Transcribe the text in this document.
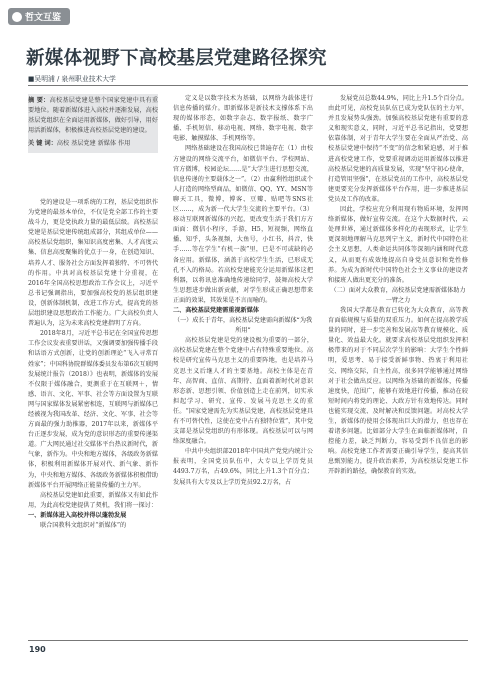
哲文互鉴
新媒体视野下高校基层党建路径探究
■吴明浦 / 泉州职业技术大学

摘 要：高校基层党建是整个国家党建中具有重要地位。随着新媒体进入高校并逐渐发展，高校基层党组织在全面运用新媒体，做好引导，用好用活新媒体，积极推进高校基层党建的建设。

关 键 词：高校 基层党建 新媒体 作用

党的建设是一项系统的工程，基层党组织作为党建的最基本单位，不仅是党全部工作的主要战斗力，更是党执政力量的最低层级。高校基层党建是基层党建传统组成部分，其组成单位——高校基层党组织，集知识高度密集、人才高度云集、信息高度聚集的优点于一身，在创造知识、培养人才、服务社会方面发挥着独特、不可替代的作用。中共对高校基层党建十分重视，在2016年全国高校思想政治工作会议上，习近平总书记强调指出，要加强高校党的基层组织建设，创新体制机制，改进工作方式，提高党的基层组织建设思想政治工作能力。广大高校负责人普遍认为，这为未来高校党建指明了方向。

2018年8月，习近平总书记在全国宣传思想工作会议发表重要讲话，又强调要加强传播手段和话语方式创新，让党的创新理论“飞入寻常百姓家”；中国科协院群媒体委员发布第6次互联网发展统计报告（2018）》也表明，新媒体的发展不仅限于媒体融合，更测重于在互联网＋，情感、语言、文化、军事、社会等方面设置为互联网与国家媒体发展紧密相连，互联网与新媒体已经被视为我国改革、经济、文化、军事、社会等方面最的强力助推器，2017年以来，新媒体平台正逐步发展，成为党的意识形态的重要传递渠道。广大网民通过社交媒体平台热议新时代，新气象，新作为。中央和地方媒体，各级政务新媒体，积极利用新媒体开展对代、新气象、新作为，中央和地方媒体、各级政务新媒体积极借助新媒体平台开展网络正能量传播的主力军。

高校基层党建如此重要，新媒体又有如此作用，为此高校党建提供了契机，我们将一探讨：

一、新媒体进入高校并得以蓬勃发展

联合国教科文组织对“新媒体”的

定义是以数字技术为基础，以网络为载体进行信息传播的媒介。即新媒体是新技术支撑体系下出现的媒体形态，如数字杂志、数字报纸、数字广播、手机短信、移动电视、网络、数字电视、数字电影、触摸媒体、手机网络等。

网络基础建设在我国高校已普遍存在（1）由校方建设的网络交流平台，如微信平台、学校网站、官方微博，校园论坛……是“大学生进行思想交流，信息传递的主要载体之一”。（2）由赢利性组织或个人打造的网络型商品，如微信、QQ、YY、MSN等聊天工具，微博，博客、豆瓣、贴吧等SNS社区……，成为新一代大学生交流的主要平台。（3）移动互联网新媒体的兴起，更改变生活于我们方方面面：微信小程序，手游，H5，短视频，网络直播、知乎，头条视频，大鱼号，小红书，抖音，快手……等在学生“有机一族”里，已是不可或缺的必备应用。新媒体，涵盖于高校学生生活，已形成无孔不入的格局。若高校党建能充分运用新媒体这把利器，以将讯息准确地传递给同学，鼓舞高校大学生思想进步做出新贡献，对学生形成正确思想带来正面的效果，其效果是不言而喻的。

二、高校基层党建需重视新媒体

（一）成长于青年，高校基层党建需向新媒体“为我所用”

高校基层党建是党的建设极为重要的一部分，高校基层党建在整个党建中占有特殊重要地位。高校是研究宣传马克思主义的重要阵地，也是培养马克思主义后继人才的主要基地。高校主体是在青年、高智商、直信、高期待、直面着新时代对意识形态新、思想引领、价值创造上走在前列，切实承担起学习、研究、宣传、发展马克思主义的重任。“国家党建需先为实基层党建，高校基层党建具有不可替代性，这使在党中占有独特位置”，其中党支部是基层党组织的有形体现。高校基层可以与网络深度融合。

中共中央组织部2018年中国共产党党内统计公报表明，全国党员队伍中，大专以上学历党员4493.7万名，占49.6%，同比上升1.3个百分点；发展具有大专及以上学历党员92.2万名，占

发展党员总数44.9%，同比上升1.5个百分点。由此可见，高校党员队伍已成为党队伍的主力军，并且发展势头强劲。加强高校基层党建有重要的意义和现实意义，同时，习近平总书记指出，党要想依靠体制，对于青年大学生要在全面从严治党、高校基层党建中保持“不变”的信念和紧迫感，对于推进高校党建工作，党要重视调动运用新媒体以推进高校基层党建的高质量发展，实现“坚守初心使命，打造管用坚强”，在基层党员的工作中，高校基层党建更要充分发挥新媒体平台作用，进一步推进基层党员及工作的改革。

因此，学校应充分利用现有物质环境，发挥网络新媒体，做好宣传交流。在这个大数据时代，云处理世界，通过新媒体多样化的表现形式，让学生更深刻地理解马克思列宁主义，新时代中国特色社会主义思想，人类命运共同体等深刻内涵和时代意义，从而更有成效地提高自身党员意识和党性修养。为成为新时代中国特色社会主义事业的建设者和接班人做出更充分的准备。

（二）面对大众教育，高校基层党建需新媒体助力一臂之力

我国大学都是教育已转化为大众教育，高等教育面临规模与质量的双重压力。如何在提高教学质量的同时，进一步完善和发展高等教育规模化、质量化、效益最大化。就要求高校基层党组织发挥积极带来的对于不同层次学生的影响：大学生个性鲜明，爱思考、易于接受新鲜事物、热衷于利用社交、网络交际，自主性高，很多同学能够通过网络对于社会做出反应。以网络为基础的新媒体，传播速度快，范围广，能够有效地进行传播，推动在较短时间内将党的理论、大政方针有效地传达。同时也能实现交流、及时解决和反馈问题。对高校大学生，新媒体的使用会体现出巨大的潜力，但也存在着诸多问题。比如部分大学生在面临新媒体时，自控能力差，缺乏判断力，容易受到不良信息的影响。高校党建工作者需要正确引导学生，提高其信息甄别能力，提升政治素养，为高校基层党建工作开辟新的路径，确保教育的实效。

190
